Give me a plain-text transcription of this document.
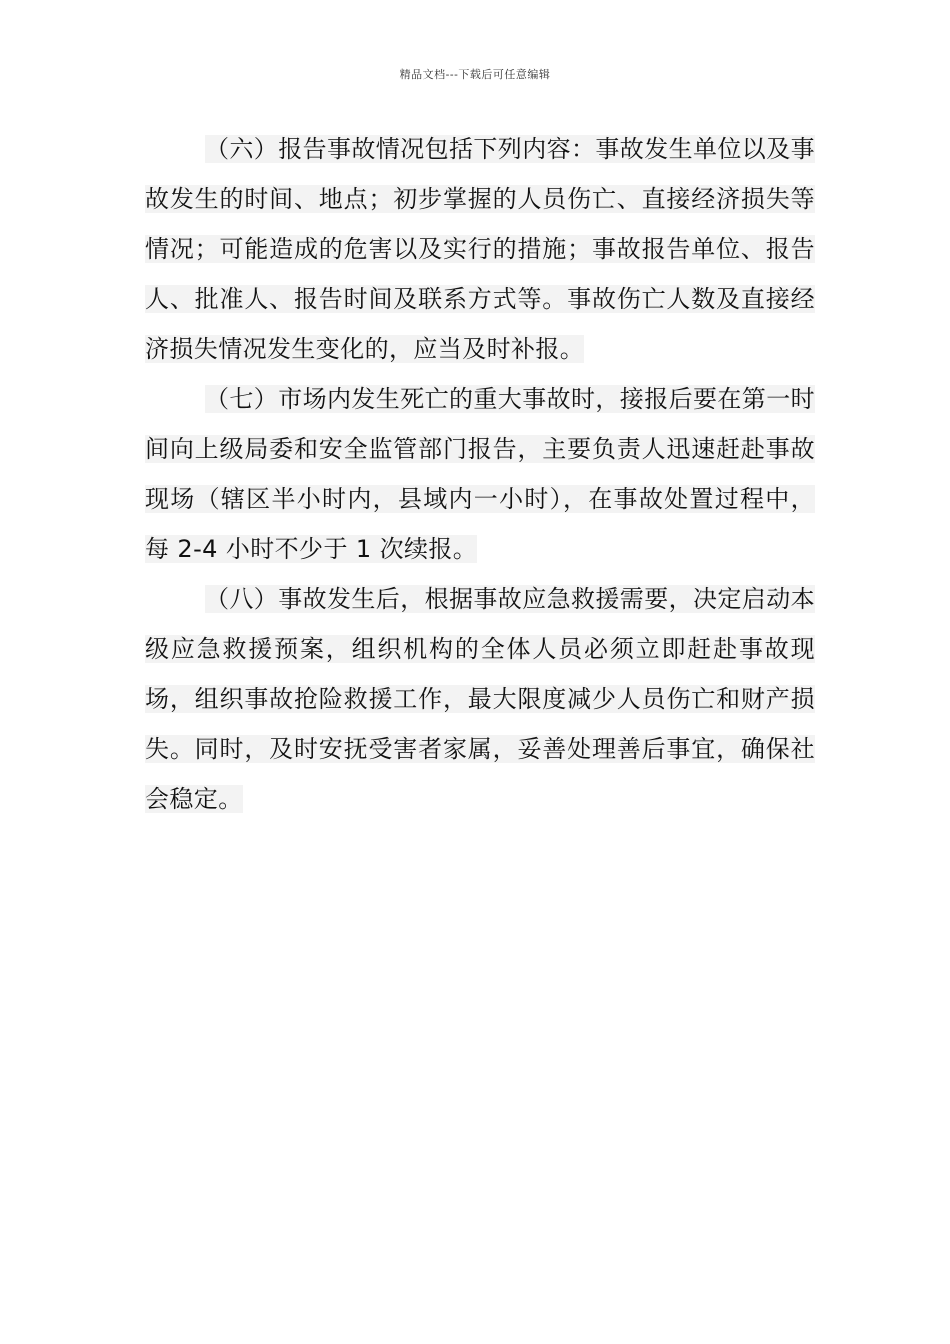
精品文档---下载后可任意编辑

（六）报告事故情况包括下列内容：事故发生单位以及事故发生的时间、地点；初步掌握的人员伤亡、直接经济损失等情况；可能造成的危害以及实行的措施；事故报告单位、报告人、批准人、报告时间及联系方式等。事故伤亡人数及直接经济损失情况发生变化的，应当及时补报。

（七）市场内发生死亡的重大事故时，接报后要在第一时间向上级局委和安全监管部门报告，主要负责人迅速赶赴事故现场（辖区半小时内，县域内一小时），在事故处置过程中，每 2-4 小时不少于 1 次续报。

（八）事故发生后，根据事故应急救援需要，决定启动本级应急救援预案，组织机构的全体人员必须立即赶赴事故现场，组织事故抢险救援工作，最大限度减少人员伤亡和财产损失。同时，及时安抚受害者家属，妥善处理善后事宜，确保社会稳定。
